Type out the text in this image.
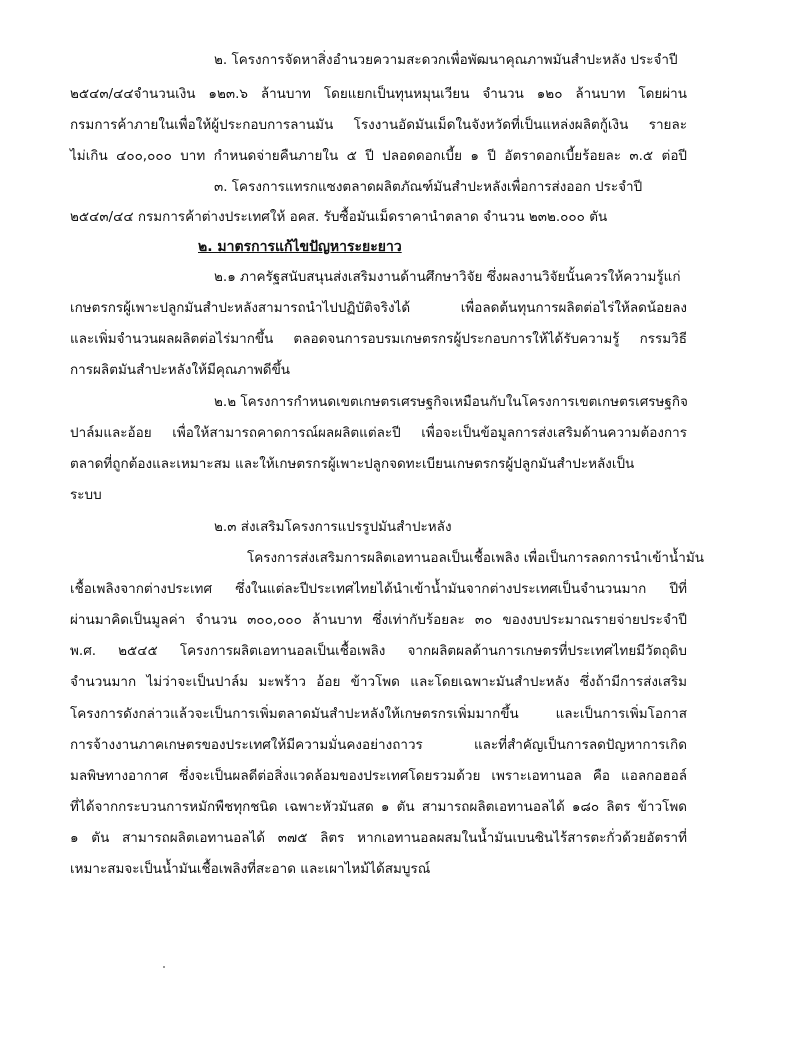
๒. โครงการจัดหาสิ่งอำนวยความสะดวกเพื่อพัฒนาคุณภาพมันสำปะหลัง ประจำปี
๒๕๔๓/๔๔จำนวนเงิน ๑๒๓.๖ ล้านบาท โดยแยกเป็นทุนหมุนเวียน จำนวน ๑๒๐ ล้านบาท โดยผ่าน
กรมการค้าภายในเพื่อให้ผู้ประกอบการลานมัน โรงงานอัดมันเม็ดในจังหวัดที่เป็นแหล่งผลิตกู้เงิน รายละ
ไม่เกิน ๔๐๐,๐๐๐ บาท กำหนดจ่ายคืนภายใน ๕ ปี ปลอดดอกเบี้ย ๑ ปี อัตราดอกเบี้ยร้อยละ ๓.๕ ต่อปี
๓. โครงการแทรกแซงตลาดผลิตภัณฑ์มันสำปะหลังเพื่อการส่งออก ประจำปี
๒๕๔๓/๔๔ กรมการค้าต่างประเทศให้ อคส. รับซื้อมันเม็ดราคานำตลาด จำนวน ๒๓๒.๐๐๐ ตัน
๒. มาตรการแก้ไขปัญหาระยะยาว
๒.๑ ภาครัฐสนับสนุนส่งเสริมงานด้านศึกษาวิจัย ซึ่งผลงานวิจัยนั้นควรให้ความรู้แก่
เกษตรกรผู้เพาะปลูกมันสำปะหลังสามารถนำไปปฏิบัติจริงได้ เพื่อลดต้นทุนการผลิตต่อไร่ให้ลดน้อยลง
และเพิ่มจำนวนผลผลิตต่อไร่มากขึ้น ตลอดจนการอบรมเกษตรกรผู้ประกอบการให้ได้รับความรู้ กรรมวิธี
การผลิตมันสำปะหลังให้มีคุณภาพดีขึ้น
๒.๒ โครงการกำหนดเขตเกษตรเศรษฐกิจเหมือนกับในโครงการเขตเกษตรเศรษฐกิจ
ปาล์มและอ้อย เพื่อให้สามารถคาดการณ์ผลผลิตแต่ละปี เพื่อจะเป็นข้อมูลการส่งเสริมด้านความต้องการ
ตลาดที่ถูกต้องและเหมาะสม และให้เกษตรกรผู้เพาะปลูกจดทะเบียนเกษตรกรผู้ปลูกมันสำปะหลังเป็น
ระบบ
๒.๓ ส่งเสริมโครงการแปรรูปมันสำปะหลัง
โครงการส่งเสริมการผลิตเอทานอลเป็นเชื้อเพลิง เพื่อเป็นการลดการนำเข้าน้ำมัน
เชื้อเพลิงจากต่างประเทศ ซึ่งในแต่ละปีประเทศไทยได้นำเข้าน้ำมันจากต่างประเทศเป็นจำนวนมาก ปีที่
ผ่านมาคิดเป็นมูลค่า จำนวน ๓๐๐,๐๐๐ ล้านบาท ซึ่งเท่ากับร้อยละ ๓๐ ของงบประมาณรายจ่ายประจำปี
พ.ศ. ๒๕๔๕ โครงการผลิตเอทานอลเป็นเชื้อเพลิง จากผลิตผลด้านการเกษตรที่ประเทศไทยมีวัตถุดิบ
จำนวนมาก ไม่ว่าจะเป็นปาล์ม มะพร้าว อ้อย ข้าวโพด และโดยเฉพาะมันสำปะหลัง ซึ่งถ้ามีการส่งเสริม
โครงการดังกล่าวแล้วจะเป็นการเพิ่มตลาดมันสำปะหลังให้เกษตรกรเพิ่มมากขึ้น และเป็นการเพิ่มโอกาส
การจ้างงานภาคเกษตรของประเทศให้มีความมั่นคงอย่างถาวร และที่สำคัญเป็นการลดปัญหาการเกิด
มลพิษทางอากาศ ซึ่งจะเป็นผลดีต่อสิ่งแวดล้อมของประเทศโดยรวมด้วย เพราะเอทานอล คือ แอลกอฮอล์
ที่ได้จากกระบวนการหมักพืชทุกชนิด เฉพาะหัวมันสด ๑ ตัน สามารถผลิตเอทานอลได้ ๑๘๐ ลิตร ข้าวโพด
๑ ตัน สามารถผลิตเอทานอลได้ ๓๗๕ ลิตร หากเอทานอลผสมในน้ำมันเบนซินไร้สารตะกั่วด้วยอัตราที่
เหมาะสมจะเป็นน้ำมันเชื้อเพลิงที่สะอาด และเผาไหม้ได้สมบูรณ์
